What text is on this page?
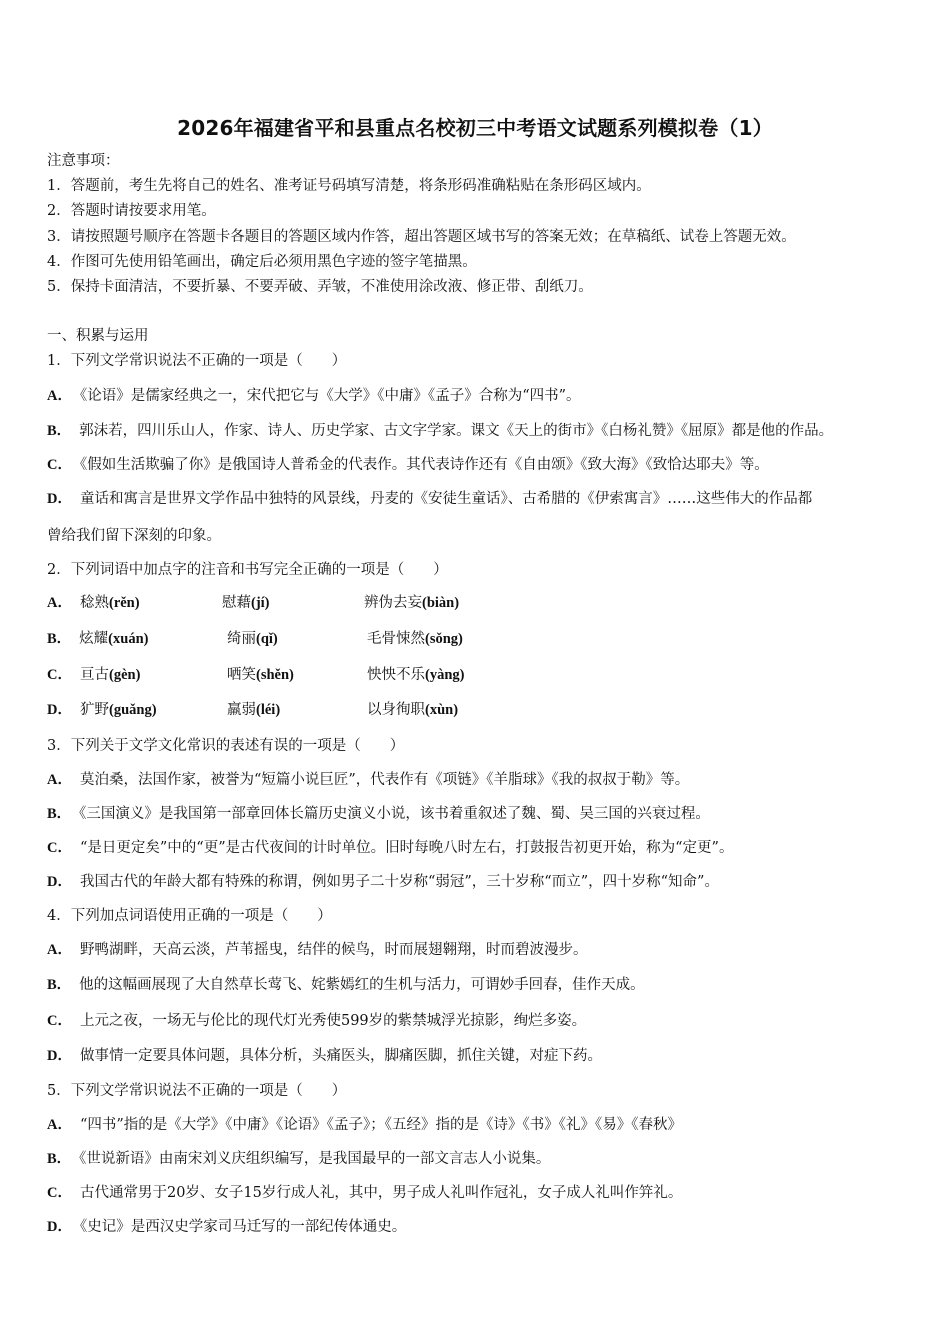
2026年福建省平和县重点名校初三中考语文试题系列模拟卷（1）
注意事项：
1．答题前，考生先将自己的姓名、准考证号码填写清楚，将条形码准确粘贴在条形码区域内。
2．答题时请按要求用笔。
3．请按照题号顺序在答题卡各题目的答题区域内作答，超出答题区域书写的答案无效；在草稿纸、试卷上答题无效。
4．作图可先使用铅笔画出，确定后必须用黑色字迹的签字笔描黑。
5．保持卡面清洁，不要折暴、不要弄破、弄皱，不准使用涂改液、修正带、刮纸刀。
一、积累与运用
1．下列文学常识说法不正确的一项是（　　）
A． 《论语》是儒家经典之一，宋代把它与《大学》《中庸》《孟子》合称为“四书”。
B． 郭沫若，四川乐山人，作家、诗人、历史学家、古文字学家。课文《天上的街市》《白杨礼赞》《屈原》都是他的作品。
C． 《假如生活欺骗了你》是俄国诗人普希金的代表作。其代表诗作还有《自由颂》《致大海》《致恰达耶夫》等。
D． 童话和寓言是世界文学作品中独特的风景线，丹麦的《安徒生童话》、古希腊的《伊索寓言》……这些伟大的作品都
曾给我们留下深刻的印象。
2．下列词语中加点字的注音和书写完全正确的一项是（　　）
A． 稔熟(rěn)	慰藉(jí)	辨伪去妄(biàn)
B． 炫耀(xuán)	绮丽(qǐ)	毛骨悚然(sǒng)
C． 亘古(gèn)	哂笑(shěn)	怏怏不乐(yàng)
D． 犷野(guǎng)	羸弱(léi)	以身徇职(xùn)
3．下列关于文学文化常识的表述有误的一项是（　　）
A． 莫泊桑，法国作家，被誉为“短篇小说巨匠”，代表作有《项链》《羊脂球》《我的叔叔于勒》等。
B． 《三国演义》是我国第一部章回体长篇历史演义小说，该书着重叙述了魏、蜀、吴三国的兴衰过程。
C． “是日更定矣”中的“更”是古代夜间的计时单位。旧时每晚八时左右，打鼓报告初更开始，称为“定更”。
D． 我国古代的年龄大都有特殊的称谓，例如男子二十岁称“弱冠”，三十岁称“而立”，四十岁称“知命”。
4．下列加点词语使用正确的一项是（　　）
A． 野鸭湖畔，天高云淡，芦苇摇曳，结伴的候鸟，时而展翅翱翔，时而碧波漫步。
B． 他的这幅画展现了大自然草长莺飞、姹紫嫣红的生机与活力，可谓妙手回春，佳作天成。
C． 上元之夜，一场无与伦比的现代灯光秀使599岁的紫禁城浮光掠影，绚烂多姿。
D． 做事情一定要具体问题，具体分析，头痛医头，脚痛医脚，抓住关键，对症下药。
5．下列文学常识说法不正确的一项是（　　）
A． “四书”指的是《大学》《中庸》《论语》《孟子》；《五经》指的是《诗》《书》《礼》《易》《春秋》
B． 《世说新语》由南宋刘义庆组织编写，是我国最早的一部文言志人小说集。
C． 古代通常男于20岁、女子15岁行成人礼，其中，男子成人礼叫作冠礼，女子成人礼叫作笄礼。
D． 《史记》是西汉史学家司马迁写的一部纪传体通史。
